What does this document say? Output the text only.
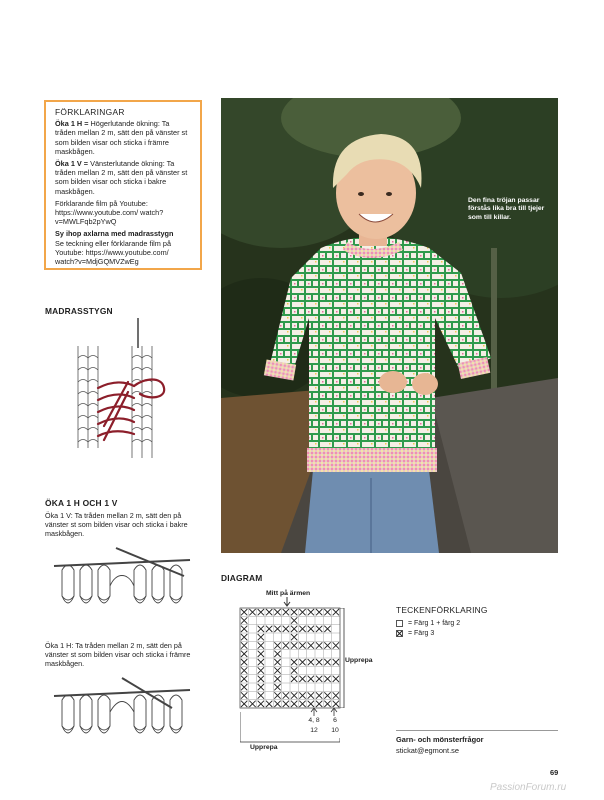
FÖRKLARINGAR

Öka 1 H = Högerlutande ökning: Ta tråden mellan 2 m, sätt den på vänster st som bilden visar och sticka i främre maskbågen.

Öka 1 V = Vänsterlutande ökning: Ta tråden mellan 2 m, sätt den på vänster st som bilden visar och sticka i bakre maskbågen.

Förklarande film på Youtube: https://www.youtube.com/ watch?v=MWLFqb2pYwQ

Sy ihop axlarna med madrasstygn
Se teckning eller förklarande film på Youtube: https://www.youtube.com/ watch?v=MdjGQMVZwEg

MADRASSTYGN
ÖKA 1 H OCH 1 V
Öka 1 V: Ta tråden mellan 2 m, sätt den på vänster st som bilden visar och sticka i bakre maskbågen.
Öka 1 H: Ta tråden mellan 2 m, sätt den på vänster st som bilden visar och sticka i främre maskbågen.
Den fina tröjan passar förstås lika bra till tjejer som till killar.
DIAGRAM
Mitt på ärmen
Upprepa
4, 8
12
6
10
Upprepa
TECKENFÖRKLARING
= Färg 1 + färg 2
= Färg 3
Garn- och mönsterfrågor
stickat@egmont.se
69
PassionForum.ru
